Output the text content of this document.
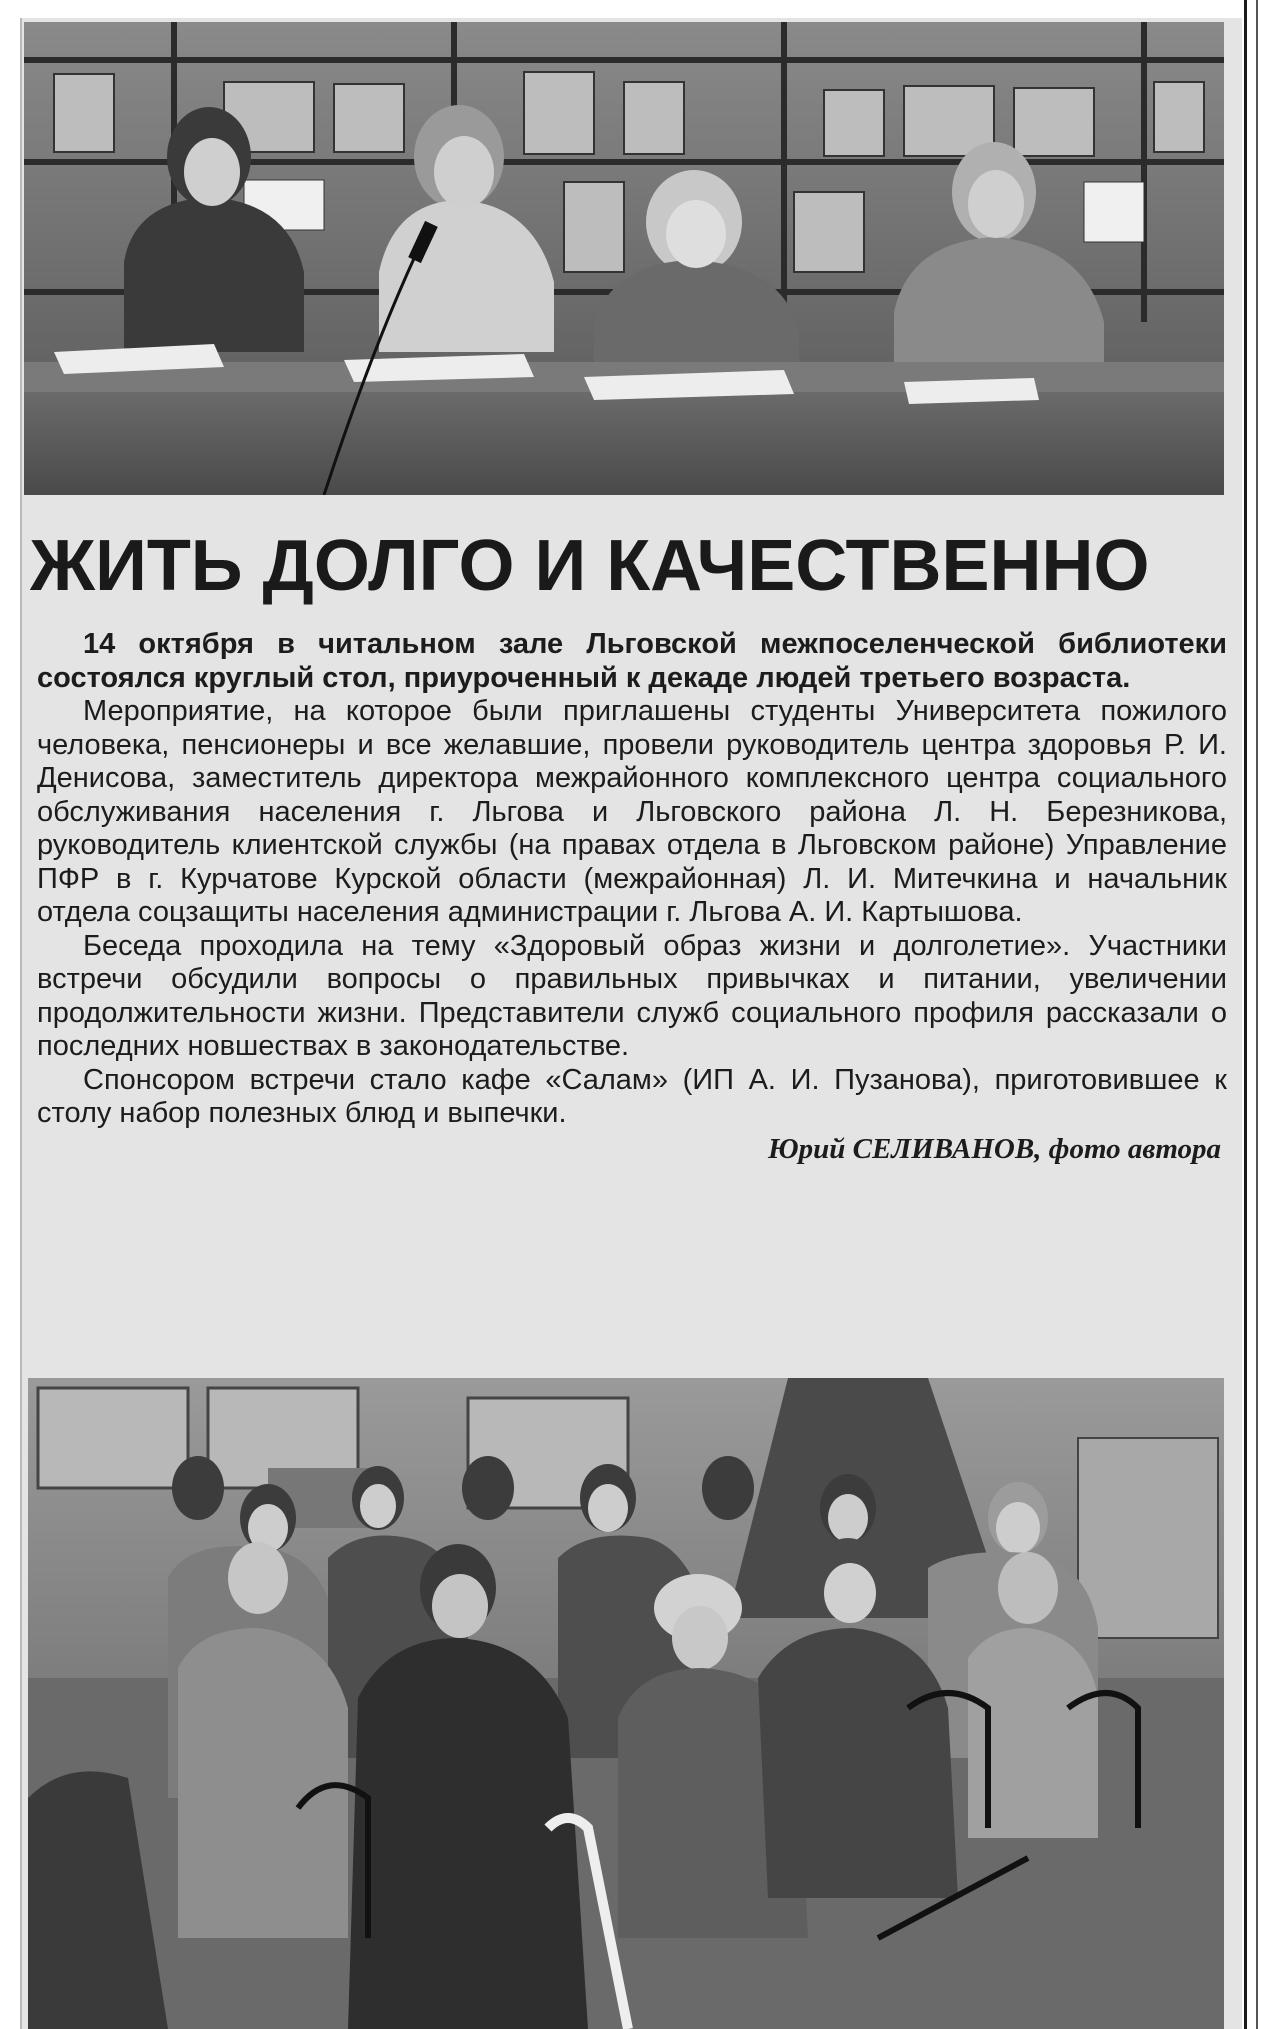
ЖИТЬ ДОЛГО И КАЧЕСТВЕННО

14 октября в читальном зале Льговской межпоселенческой библиотеки состоялся круглый стол, приуроченный к декаде людей третьего возраста.

Мероприятие, на которое были приглашены студенты Университета пожилого человека, пенсионеры и все желавшие, провели руководитель центра здоровья Р. И. Денисова, заместитель директора межрайонного комплексного центра социального обслуживания населения г. Льгова и Льговского района Л. Н. Березникова, руководитель клиентской службы (на правах отдела в Льговском районе) Управление ПФР в г. Курчатове Курской области (межрайонная) Л. И. Митечкина и начальник отдела соцзащиты населения администрации г. Льгова А. И. Картышова.

Беседа проходила на тему «Здоровый образ жизни и долголетие». Участники встречи обсудили вопросы о правильных привычках и питании, увеличении продолжительности жизни. Представители служб социального профиля рассказали о последних новшествах в законодательстве.

Спонсором встречи стало кафе «Салам» (ИП А. И. Пузанова), приготовившее к столу набор полезных блюд и выпечки.

Юрий СЕЛИВАНОВ, фото автора
